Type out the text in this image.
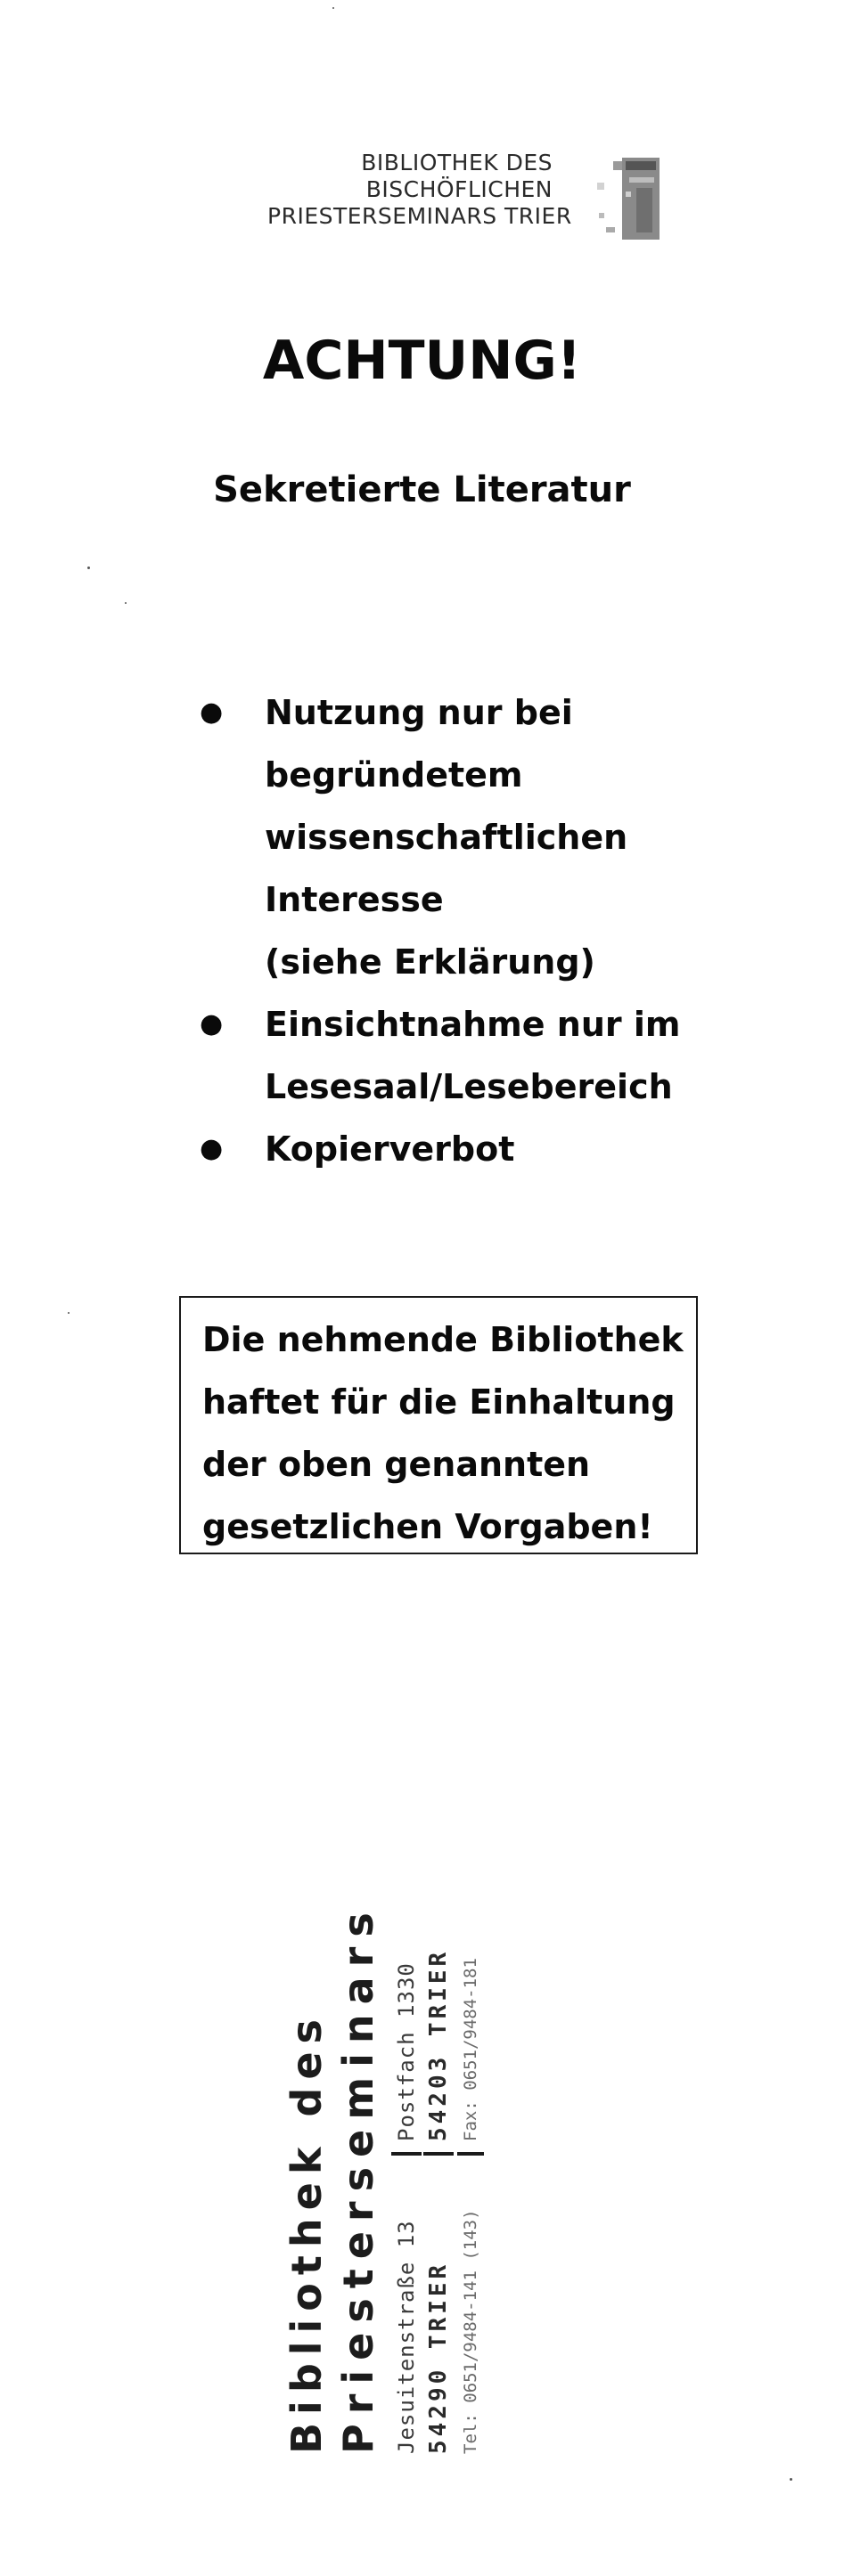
BIBLIOTHEK DES
BISCHÖFLICHEN
PRIESTERSEMINARS TRIER
ACHTUNG!
Sekretierte Literatur
●	Nutzung nur bei
begründetem
wissenschaftlichen
Interesse
(siehe Erklärung)
●	Einsichtnahme nur im
Lesesaal/Lesebereich
●	Kopierverbot
Die nehmende Bibliothek
haftet für die Einhaltung
der oben genannten
gesetzlichen Vorgaben!
Bibliothek des Priesterseminars Jesuitenstraße 13
Postfach 1330
54290 TRIER
54203 TRIER
Tel: 0651/9484-141 (143)
Fax: 0651/9484-181
